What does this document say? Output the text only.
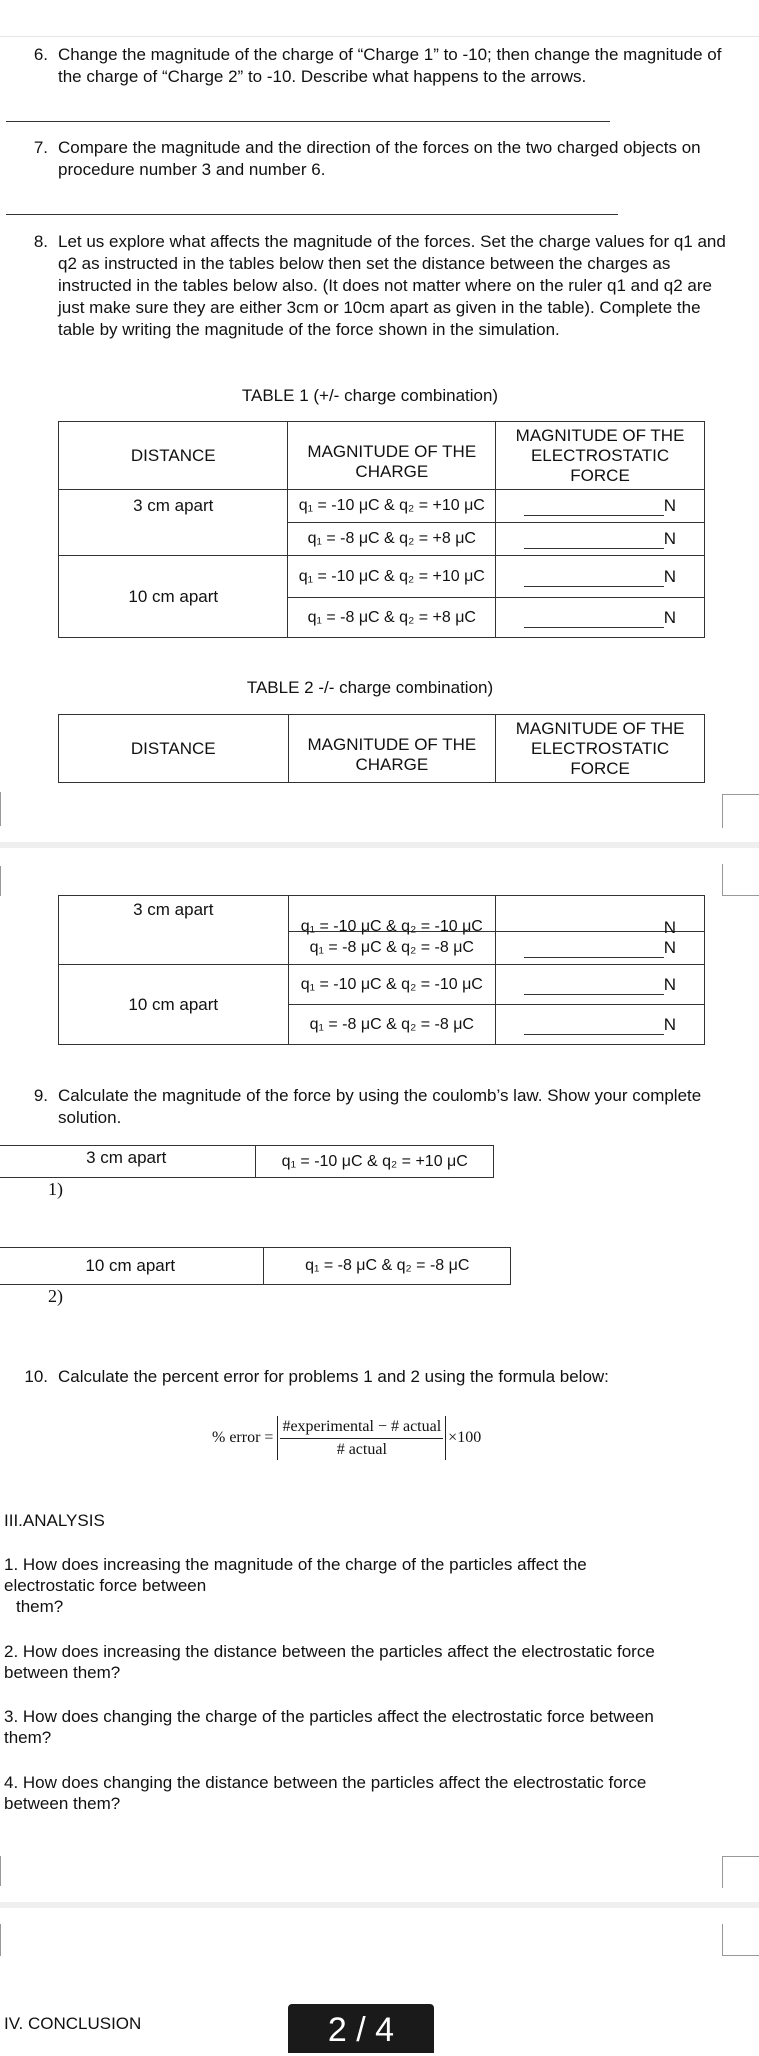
6. Change the magnitude of the charge of “Charge 1” to -10; then change the magnitude of the charge of “Charge 2” to -10. Describe what happens to the arrows.
7. Compare the magnitude and the direction of the forces on the two charged objects on procedure number 3 and number 6.
8. Let us explore what affects the magnitude of the forces. Set the charge values for q1 and q2 as instructed in the tables below then set the distance between the charges as instructed in the tables below also. (It does not matter where on the ruler q1 and q2 are just make sure they are either 3cm or 10cm apart as given in the table). Complete the table by writing the magnitude of the force shown in the simulation.
TABLE 1 (+/- charge combination)
DISTANCE	MAGNITUDE OF THE CHARGE	MAGNITUDE OF THE ELECTROSTATIC FORCE
3 cm apart	q₁ = -10 μC & q₂ = +10 μC	N
	q₁ = -8 μC & q₂ = +8 μC	N
10 cm apart	q₁ = -10 μC & q₂ = +10 μC	N
	q₁ = -8 μC & q₂ = +8 μC	N
TABLE 2 -/- charge combination)
DISTANCE	MAGNITUDE OF THE CHARGE	MAGNITUDE OF THE ELECTROSTATIC FORCE
3 cm apart	q₁ = -10 μC & q₂ = -10 μC	N

	q₁ = -8 μC & q₂ = -8 μC	N
10 cm apart	q₁ = -10 μC & q₂ = -10 μC	N
	q₁ = -8 μC & q₂ = -8 μC	N
9. Calculate the magnitude of the force by using the coulomb’s law. Show your complete solution.
3 cm apart	q₁ = -10 μC & q₂ = +10 μC
1)
10 cm apart	q₁ = -8 μC & q₂ = -8 μC
2)
10. Calculate the percent error for problems 1 and 2 using the formula below:
% error = $\frac{\text{\#experimental − \# actual}}{\text{\# actual}} \times 100$

III.ANALYSIS

1. How does increasing the magnitude of the charge of the particles affect the

electrostatic force between

them?

2. How does increasing the distance between the particles affect the electrostatic force

between them?

3. How does changing the charge of the particles affect the electrostatic force between

them?

4. How does changing the distance between the particles affect the electrostatic force

between them?

IV. CONCLUSION	2 / 4
